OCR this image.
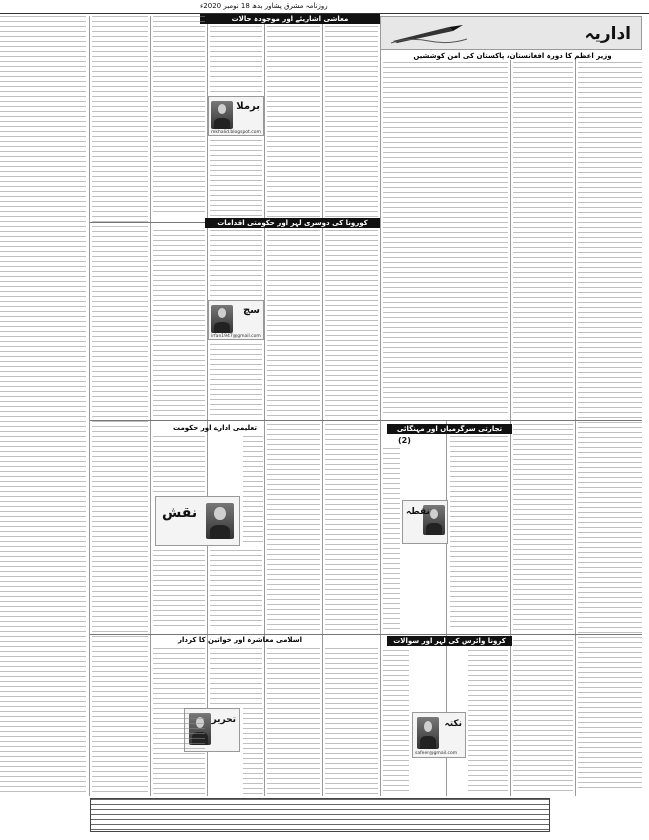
روزنامہ مشرق پشاور بدھ 18 نومبر 2020ء
اداریہ
وزیر اعظم کا دورہ افغانستان، پاکستان کی امن کوششیں
معاشی اشاریئے اور موجودہ حالات
کورونا کی دوسری لہر اور حکومتی اقدامات
تعلیمی ادارے اور حکومت	تجارتی سرگرمیاں اور مہنگائی
اسلامی معاشرہ اور خواتین کا کردار	کرونا وائرس کی لہر اور سوالات
(2)
برملا
mkhalid.blogspot.com
سچ
irfan1947@gmail.com
نقطہ
نقش
تحریر	نکتہ
safeer@gmail.com
